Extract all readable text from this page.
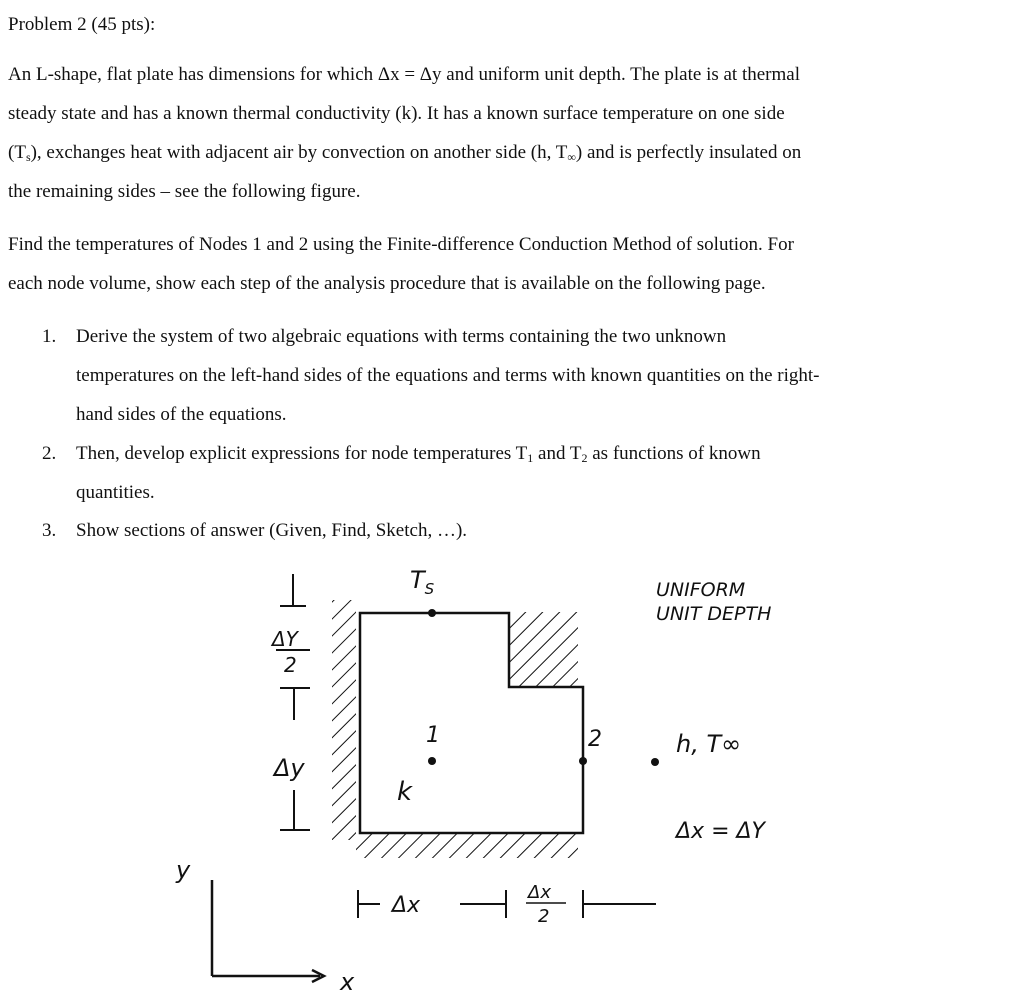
Problem 2 (45 pts):
An L-shape, flat plate has dimensions for which Δx = Δy and uniform unit depth. The plate is at thermal
steady state and has a known thermal conductivity (k). It has a known surface temperature on one side
$(T_s)$, exchanges heat with adjacent air by convection on another side (h, $T_\infty$) and is perfectly insulated on
the remaining sides – see the following figure.
Find the temperatures of Nodes 1 and 2 using the Finite-difference Conduction Method of solution. For
each node volume, show each step of the analysis procedure that is available on the following page.
1. Derive the system of two algebraic equations with terms containing the two unknown
temperatures on the left-hand sides of the equations and terms with known quantities on the right-
hand sides of the equations.
2. Then, develop explicit expressions for node temperatures $T_1$ and $T_2$ as functions of known
quantities.
3. Show sections of answer (Given, Find, Sketch, …).
1	2
k
$T_S$	UNIFORM
UNIT DEPTH
h, T∞
Δx = ΔY
ΔY
2
Δy
Δx
Δx
2
y
x
